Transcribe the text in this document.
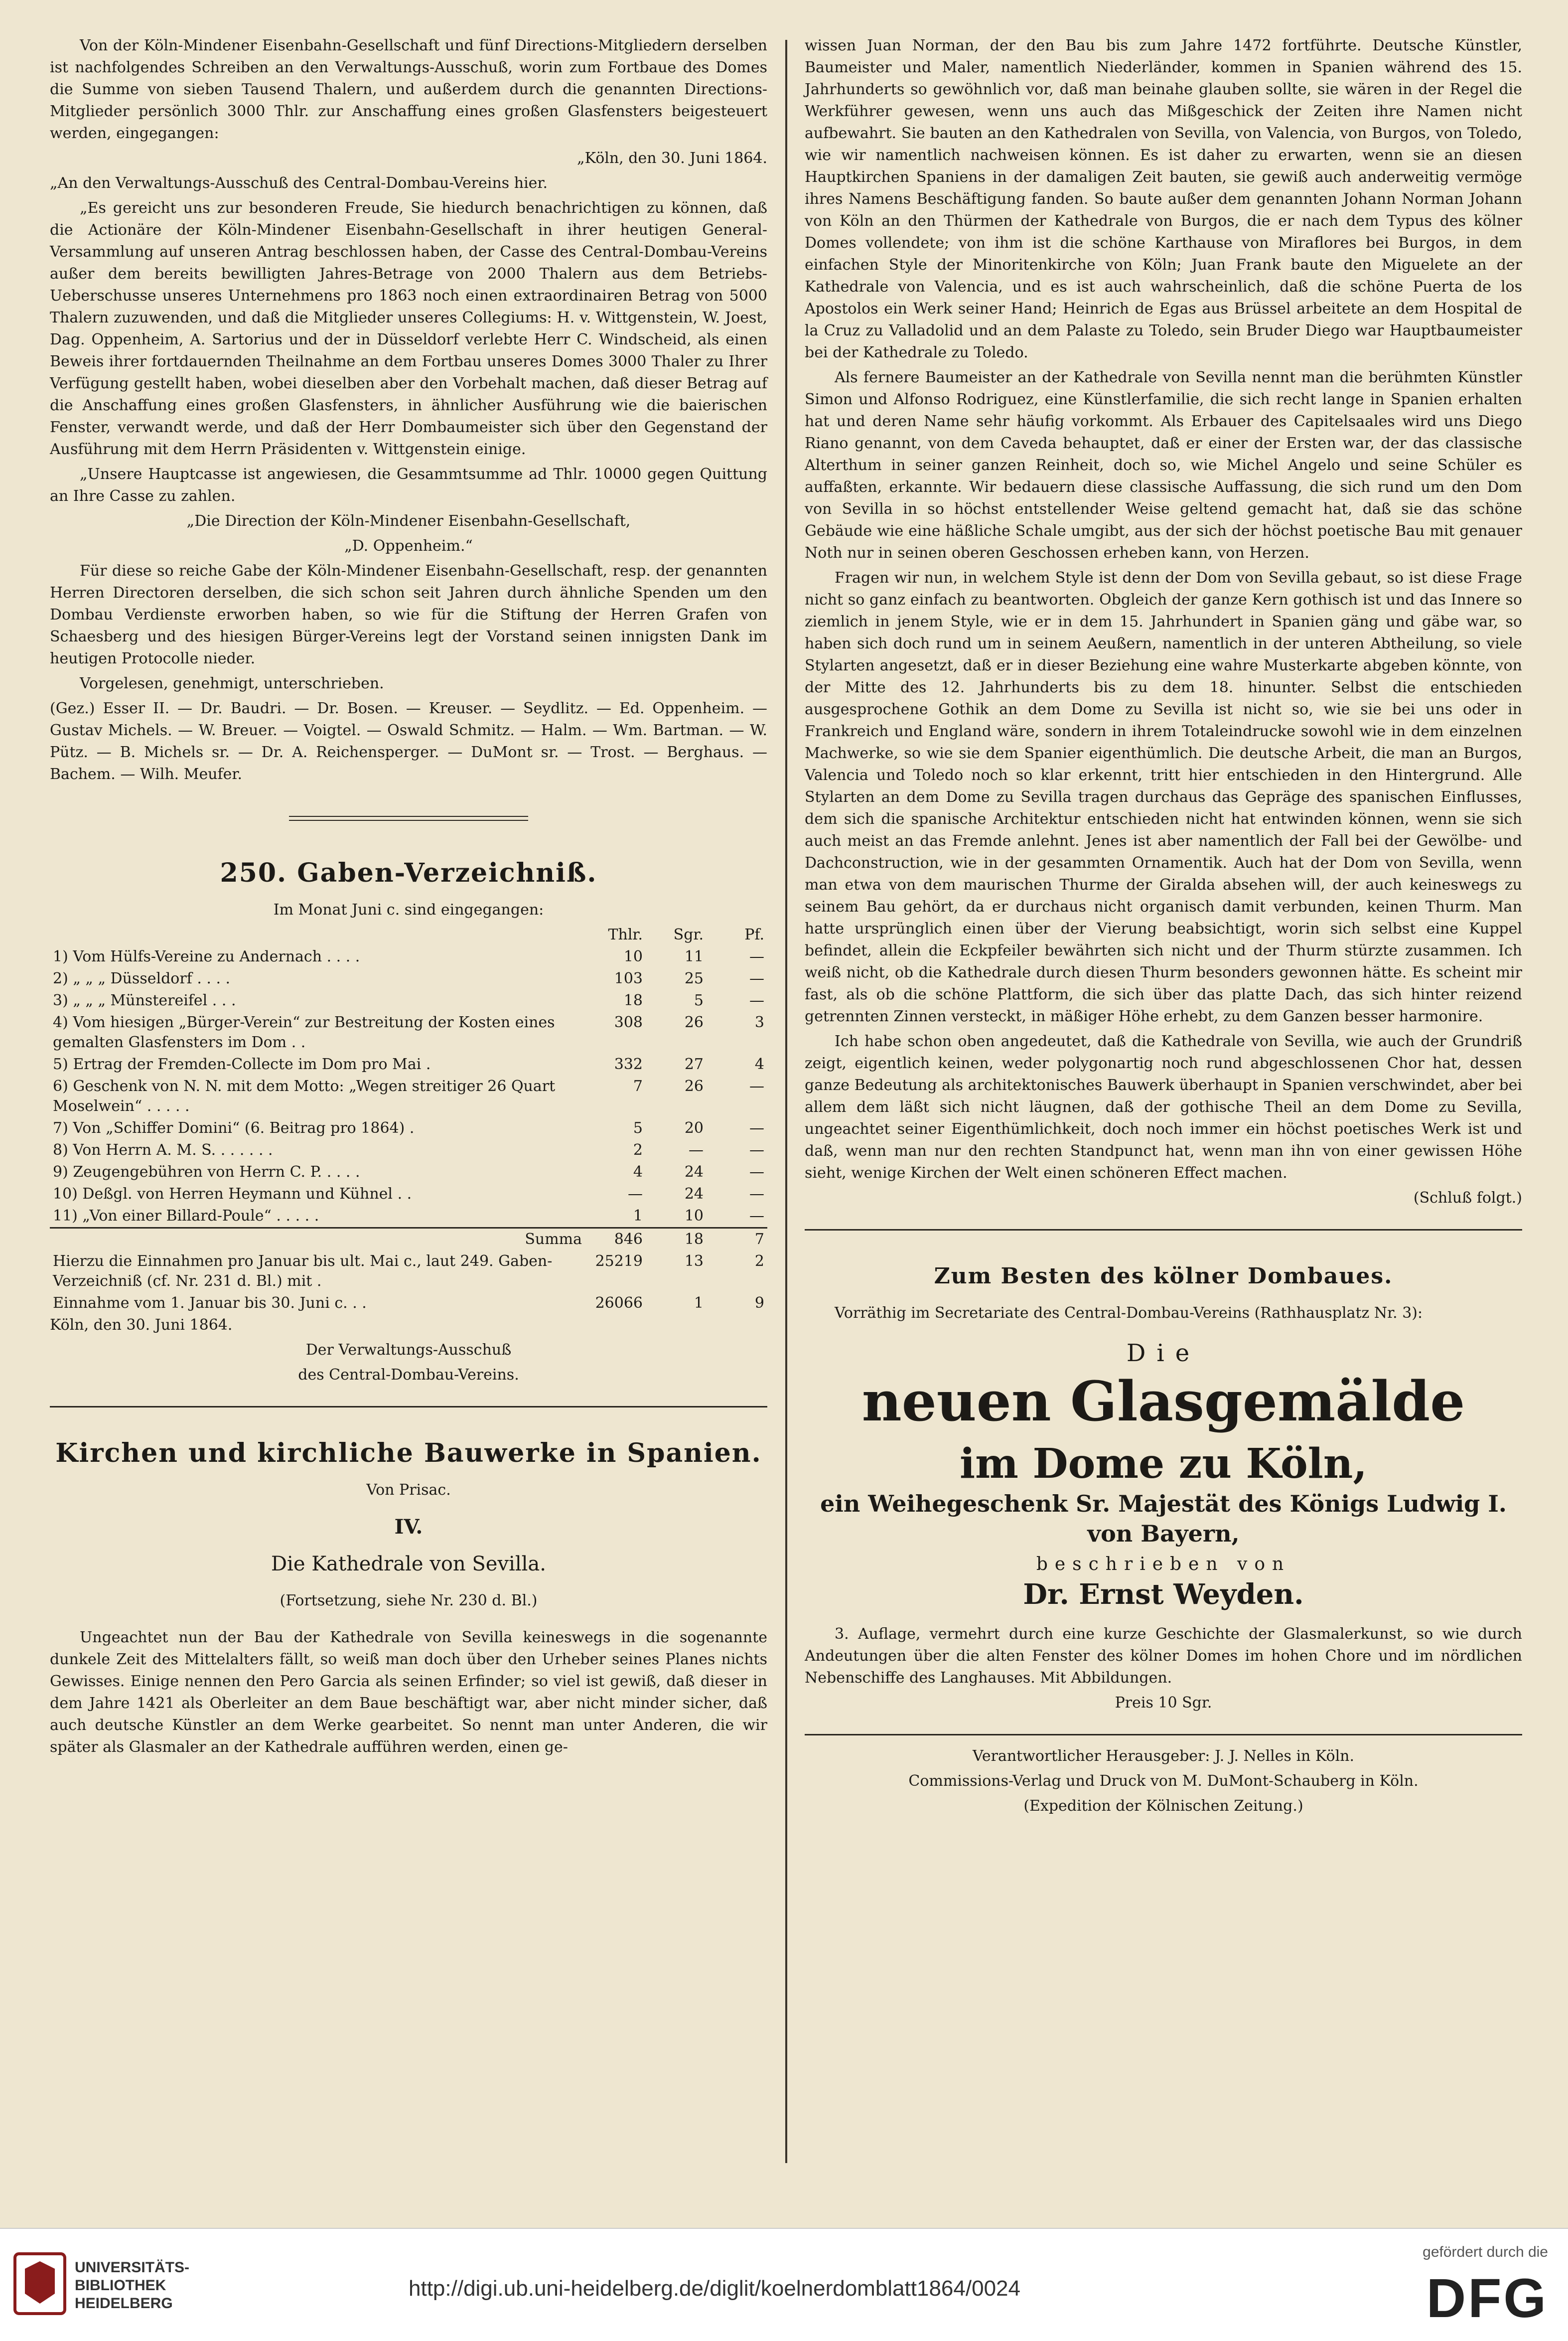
Von der Köln-Mindener Eisenbahn-Gesellschaft und fünf Directions-Mitgliedern derselben ist nachfolgendes Schreiben an den Verwaltungs-Ausschuß, worin zum Fortbaue des Domes die Summe von sieben Tausend Thalern, und außerdem durch die genannten Directions-Mitglieder persönlich 3000 Thlr. zur Anschaffung eines großen Glasfensters beigesteuert werden, eingegangen:

„Köln, den 30. Juni 1864.

„An den Verwaltungs-Ausschuß des Central-Dombau-Vereins hier.

„Es gereicht uns zur besonderen Freude, Sie hiedurch benachrichtigen zu können, daß die Actionäre der Köln-Mindener Eisenbahn-Gesellschaft in ihrer heutigen General-Versammlung auf unseren Antrag beschlossen haben, der Casse des Central-Dombau-Vereins außer dem bereits bewilligten Jahres-Betrage von 2000 Thalern aus dem Betriebs-Ueberschusse unseres Unternehmens pro 1863 noch einen extraordinairen Betrag von 5000 Thalern zuzuwenden, und daß die Mitglieder unseres Collegiums: H. v. Wittgenstein, W. Joest, Dag. Oppenheim, A. Sartorius und der in Düsseldorf verlebte Herr C. Windscheid, als einen Beweis ihrer fortdauernden Theilnahme an dem Fortbau unseres Domes 3000 Thaler zu Ihrer Verfügung gestellt haben, wobei dieselben aber den Vorbehalt machen, daß dieser Betrag auf die Anschaffung eines großen Glasfensters, in ähnlicher Ausführung wie die baierischen Fenster, verwandt werde, und daß der Herr Dombaumeister sich über den Gegenstand der Ausführung mit dem Herrn Präsidenten v. Wittgenstein einige.

„Unsere Hauptcasse ist angewiesen, die Gesammtsumme ad Thlr. 10000 gegen Quittung an Ihre Casse zu zahlen.

„Die Direction der Köln-Mindener Eisenbahn-Gesellschaft,

„D. Oppenheim.“

Für diese so reiche Gabe der Köln-Mindener Eisenbahn-Gesellschaft, resp. der genannten Herren Directoren derselben, die sich schon seit Jahren durch ähnliche Spenden um den Dombau Verdienste erworben haben, so wie für die Stiftung der Herren Grafen von Schaesberg und des hiesigen Bürger-Vereins legt der Vorstand seinen innigsten Dank im heutigen Protocolle nieder.

Vorgelesen, genehmigt, unterschrieben.

(Gez.) Esser II. — Dr. Baudri. — Dr. Bosen. — Kreuser. — Seydlitz. — Ed. Oppenheim. — Gustav Michels. — W. Breuer. — Voigtel. — Oswald Schmitz. — Halm. — Wm. Bartman. — W. Pütz. — B. Michels sr. — Dr. A. Reichensperger. — DuMont sr. — Trost. — Berghaus. — Bachem. — Wilh. Meufer.

250. Gaben-Verzeichniß.

Im Monat Juni c. sind eingegangen:

	Thlr.	Sgr.	Pf.
1) Vom Hülfs-Vereine zu Andernach . . . .	10	11	—
2) „ „ „ Düsseldorf . . . .	103	25	—
3) „ „ „ Münstereifel . . .	18	5	—
4) Vom hiesigen „Bürger-Verein“ zur Bestreitung der Kosten eines gemalten Glasfensters im Dom . .	308	26	3
5) Ertrag der Fremden-Collecte im Dom pro Mai .	332	27	4
6) Geschenk von N. N. mit dem Motto: „Wegen streitiger 26 Quart Moselwein“ . . . . .	7	26	—
7) Von „Schiffer Domini“ (6. Beitrag pro 1864) .	5	20	—
8) Von Herrn A. M. S. . . . . . .	2	—	—
9) Zeugengebühren von Herrn C. P. . . . .	4	24	—
10) Deßgl. von Herren Heymann und Kühnel . .	—	24	—
11) „Von einer Billard-Poule“ . . . . .	1	10	—
Summa	846	18	7
Hierzu die Einnahmen pro Januar bis ult. Mai c., laut 249. Gaben-Verzeichniß (cf. Nr. 231 d. Bl.) mit .	25219	13	2
Einnahme vom 1. Januar bis 30. Juni c. . .	26066	1	9

Köln, den 30. Juni 1864.

Der Verwaltungs-Ausschuß

des Central-Dombau-Vereins.

Kirchen und kirchliche Bauwerke in Spanien.

Von Prisac.

IV.
Die Kathedrale von Sevilla.

(Fortsetzung, siehe Nr. 230 d. Bl.)

Ungeachtet nun der Bau der Kathedrale von Sevilla keineswegs in die sogenannte dunkele Zeit des Mittelalters fällt, so weiß man doch über den Urheber seines Planes nichts Gewisses. Einige nennen den Pero Garcia als seinen Erfinder; so viel ist gewiß, daß dieser in dem Jahre 1421 als Oberleiter an dem Baue beschäftigt war, aber nicht minder sicher, daß auch deutsche Künstler an dem Werke gearbeitet. So nennt man unter Anderen, die wir später als Glasmaler an der Kathedrale aufführen werden, einen ge-

wissen Juan Norman, der den Bau bis zum Jahre 1472 fortführte. Deutsche Künstler, Baumeister und Maler, namentlich Niederländer, kommen in Spanien während des 15. Jahrhunderts so gewöhnlich vor, daß man beinahe glauben sollte, sie wären in der Regel die Werkführer gewesen, wenn uns auch das Mißgeschick der Zeiten ihre Namen nicht aufbewahrt. Sie bauten an den Kathedralen von Sevilla, von Valencia, von Burgos, von Toledo, wie wir namentlich nachweisen können. Es ist daher zu erwarten, wenn sie an diesen Hauptkirchen Spaniens in der damaligen Zeit bauten, sie gewiß auch anderweitig vermöge ihres Namens Beschäftigung fanden. So baute außer dem genannten Johann Norman Johann von Köln an den Thürmen der Kathedrale von Burgos, die er nach dem Typus des kölner Domes vollendete; von ihm ist die schöne Karthause von Miraflores bei Burgos, in dem einfachen Style der Minoritenkirche von Köln; Juan Frank baute den Miguelete an der Kathedrale von Valencia, und es ist auch wahrscheinlich, daß die schöne Puerta de los Apostolos ein Werk seiner Hand; Heinrich de Egas aus Brüssel arbeitete an dem Hospital de la Cruz zu Valladolid und an dem Palaste zu Toledo, sein Bruder Diego war Hauptbaumeister bei der Kathedrale zu Toledo.

Als fernere Baumeister an der Kathedrale von Sevilla nennt man die berühmten Künstler Simon und Alfonso Rodriguez, eine Künstlerfamilie, die sich recht lange in Spanien erhalten hat und deren Name sehr häufig vorkommt. Als Erbauer des Capitelsaales wird uns Diego Riano genannt, von dem Caveda behauptet, daß er einer der Ersten war, der das classische Alterthum in seiner ganzen Reinheit, doch so, wie Michel Angelo und seine Schüler es auffaßten, erkannte. Wir bedauern diese classische Auffassung, die sich rund um den Dom von Sevilla in so höchst entstellender Weise geltend gemacht hat, daß sie das schöne Gebäude wie eine häßliche Schale umgibt, aus der sich der höchst poetische Bau mit genauer Noth nur in seinen oberen Geschossen erheben kann, von Herzen.

Fragen wir nun, in welchem Style ist denn der Dom von Sevilla gebaut, so ist diese Frage nicht so ganz einfach zu beantworten. Obgleich der ganze Kern gothisch ist und das Innere so ziemlich in jenem Style, wie er in dem 15. Jahrhundert in Spanien gäng und gäbe war, so haben sich doch rund um in seinem Aeußern, namentlich in der unteren Abtheilung, so viele Stylarten angesetzt, daß er in dieser Beziehung eine wahre Musterkarte abgeben könnte, von der Mitte des 12. Jahrhunderts bis zu dem 18. hinunter. Selbst die entschieden ausgesprochene Gothik an dem Dome zu Sevilla ist nicht so, wie sie bei uns oder in Frankreich und England wäre, sondern in ihrem Totaleindrucke sowohl wie in dem einzelnen Machwerke, so wie sie dem Spanier eigenthümlich. Die deutsche Arbeit, die man an Burgos, Valencia und Toledo noch so klar erkennt, tritt hier entschieden in den Hintergrund. Alle Stylarten an dem Dome zu Sevilla tragen durchaus das Gepräge des spanischen Einflusses, dem sich die spanische Architektur entschieden nicht hat entwinden können, wenn sie sich auch meist an das Fremde anlehnt. Jenes ist aber namentlich der Fall bei der Gewölbe- und Dachconstruction, wie in der gesammten Ornamentik. Auch hat der Dom von Sevilla, wenn man etwa von dem maurischen Thurme der Giralda absehen will, der auch keineswegs zu seinem Bau gehört, da er durchaus nicht organisch damit verbunden, keinen Thurm. Man hatte ursprünglich einen über der Vierung beabsichtigt, worin sich selbst eine Kuppel befindet, allein die Eckpfeiler bewährten sich nicht und der Thurm stürzte zusammen. Ich weiß nicht, ob die Kathedrale durch diesen Thurm besonders gewonnen hätte. Es scheint mir fast, als ob die schöne Plattform, die sich über das platte Dach, das sich hinter reizend getrennten Zinnen versteckt, in mäßiger Höhe erhebt, zu dem Ganzen besser harmonire.

Ich habe schon oben angedeutet, daß die Kathedrale von Sevilla, wie auch der Grundriß zeigt, eigentlich keinen, weder polygonartig noch rund abgeschlossenen Chor hat, dessen ganze Bedeutung als architektonisches Bauwerk überhaupt in Spanien verschwindet, aber bei allem dem läßt sich nicht läugnen, daß der gothische Theil an dem Dome zu Sevilla, ungeachtet seiner Eigenthümlichkeit, doch noch immer ein höchst poetisches Werk ist und daß, wenn man nur den rechten Standpunct hat, wenn man ihn von einer gewissen Höhe sieht, wenige Kirchen der Welt einen schöneren Effect machen.

(Schluß folgt.)

Zum Besten des kölner Dombaues.

Vorräthig im Secretariate des Central-Dombau-Vereins (Rathhausplatz Nr. 3):

Die
neuen Glasgemälde
im Dome zu Köln,
ein Weihegeschenk Sr. Majestät des Königs Ludwig I. von Bayern,
beschrieben von
Dr. Ernst Weyden.

3. Auflage, vermehrt durch eine kurze Geschichte der Glasmalerkunst, so wie durch Andeutungen über die alten Fenster des kölner Domes im hohen Chore und im nördlichen Nebenschiffe des Langhauses. Mit Abbildungen.

Preis 10 Sgr.

Verantwortlicher Herausgeber: J. J. Nelles in Köln.

Commissions-Verlag und Druck von M. DuMont-Schauberg in Köln.

(Expedition der Kölnischen Zeitung.)

UNIVERSITÄTS-
BIBLIOTHEK
HEIDELBERG
http://digi.ub.uni-heidelberg.de/diglit/koelnerdomblatt1864/0024
gefördert durch die
DFG
